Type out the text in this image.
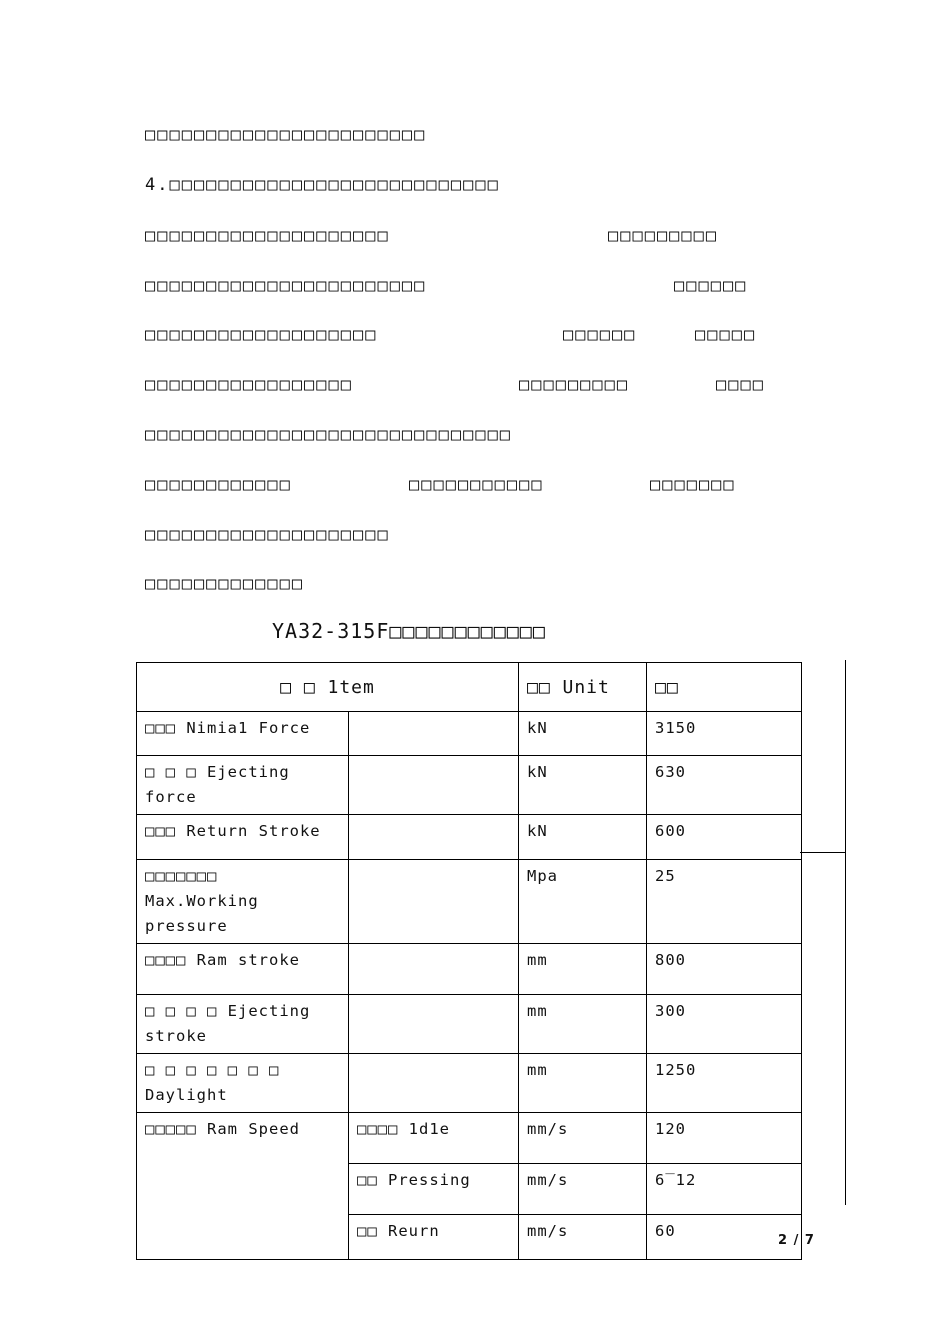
□□□□□□□□□□□□□□□□□□□□□□□
4.□□□□□□□□□□□□□□□□□□□□□□□□□□□
□□□□□□□□□□□□□□□□□□□□	□□□□□□□□□
□□□□□□□□□□□□□□□□□□□□□□□	□□□□□□
□□□□□□□□□□□□□□□□□□□	□□□□□□	□□□□□
□□□□□□□□□□□□□□□□□	□□□□□□□□□	□□□□
□□□□□□□□□□□□□□□□□□□□□□□□□□□□□□
□□□□□□□□□□□□	□□□□□□□□□□□	□□□□□□□
□□□□□□□□□□□□□□□□□□□□
□□□□□□□□□□□□□
YA32-315F□□□□□□□□□□□□
□ □ 1tem		□□ Unit	□□
□□□ Nimia1 Force		kN	3150
□ □ □ Ejecting force		kN	630
□□□ Return Stroke		kN	600
□□□□□□□ Max.Working pressure		Mpa	25
□□□□ Ram stroke		mm	800
□ □ □ □ Ejecting stroke		mm	300
□ □ □ □ □ □ □ Daylight		mm	1250
□□□□□ Ram Speed	□□□□ 1d1e	mm/s	120
	□□ Pressing	mm/s	6‾12
	□□ Reurn	mm/s	60
2 / 7
